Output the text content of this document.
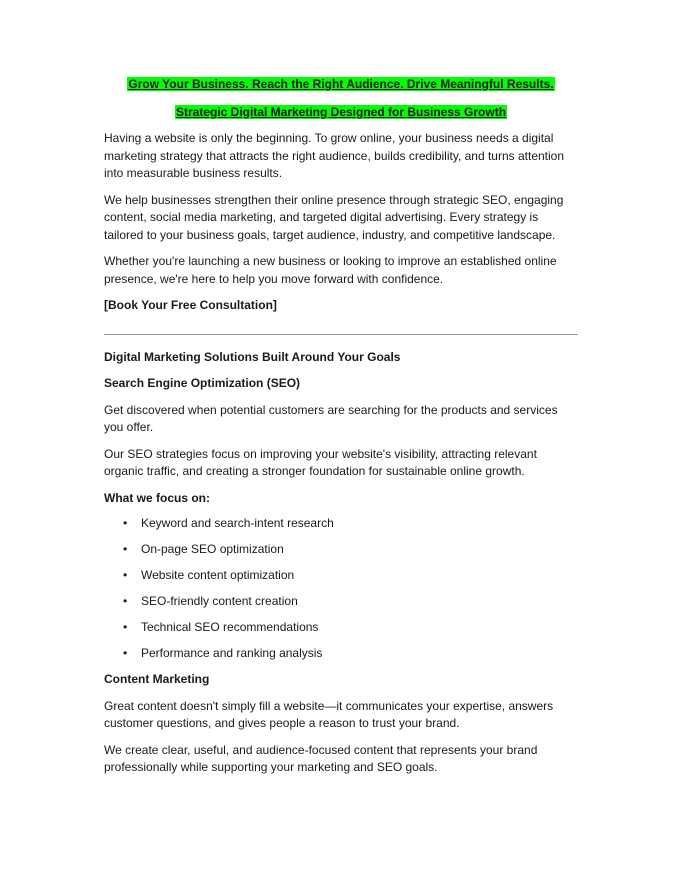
Grow Your Business. Reach the Right Audience. Drive Meaningful Results.
Strategic Digital Marketing Designed for Business Growth

Having a website is only the beginning. To grow online, your business needs a digital marketing strategy that attracts the right audience, builds credibility, and turns attention into measurable business results.

We help businesses strengthen their online presence through strategic SEO, engaging content, social media marketing, and targeted digital advertising. Every strategy is tailored to your business goals, target audience, industry, and competitive landscape.

Whether you're launching a new business or looking to improve an established online presence, we're here to help you move forward with confidence.

[Book Your Free Consultation]

Digital Marketing Solutions Built Around Your Goals

Search Engine Optimization (SEO)

Get discovered when potential customers are searching for the products and services you offer.

Our SEO strategies focus on improving your website's visibility, attracting relevant organic traffic, and creating a stronger foundation for sustainable online growth.

What we focus on:

• Keyword and search-intent research
• On-page SEO optimization
• Website content optimization
• SEO-friendly content creation
• Technical SEO recommendations
• Performance and ranking analysis

Content Marketing

Great content doesn't simply fill a website—it communicates your expertise, answers customer questions, and gives people a reason to trust your brand.

We create clear, useful, and audience-focused content that represents your brand professionally while supporting your marketing and SEO goals.
